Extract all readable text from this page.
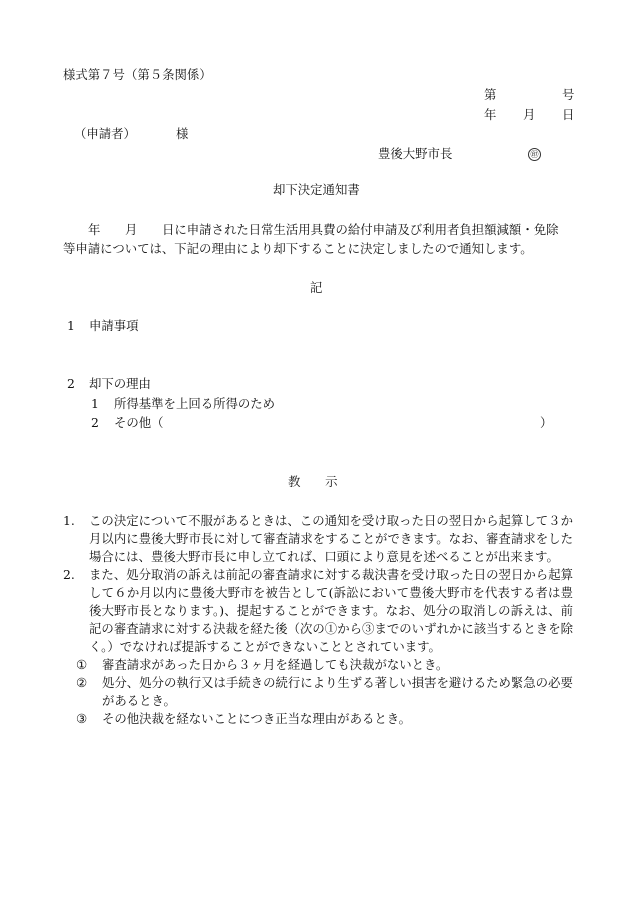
様式第７号（第５条関係）
第	号
年 月 日
（申請者）	様
豊後大野市長	㊞
却下決定通知書
年 月 日に申請された日常生活用具費の給付申請及び利用者負担額減額・免除
等申請については、下記の理由により却下することに決定しましたので通知します。
記
1 申請事項
2 却下の理由
1 所得基準を上回る所得のため
2 その他（	）
教　　示
1.	この決定について不服があるときは、この通知を受け取った日の翌日から起算して３か月以内に豊後大野市長に対して審査請求をすることができます。なお、審査請求をした場合には、豊後大野市長に申し立てれば、口頭により意見を述べることが出来ます。
2.	また、処分取消の訴えは前記の審査請求に対する裁決書を受け取った日の翌日から起算して６か月以内に豊後大野市を被告として(訴訟において豊後大野市を代表する者は豊後大野市長となります。)、提起することができます。なお、処分の取消しの訴えは、前記の審査請求に対する決裁を経た後（次の①から③までのいずれかに該当するときを除く。）でなければ提訴することができないこととされています。
①	審査請求があった日から３ヶ月を経過しても決裁がないとき。
②	処分、処分の執行又は手続きの続行により生ずる著しい損害を避けるため緊急の必要があるとき。
③	その他決裁を経ないことにつき正当な理由があるとき。
